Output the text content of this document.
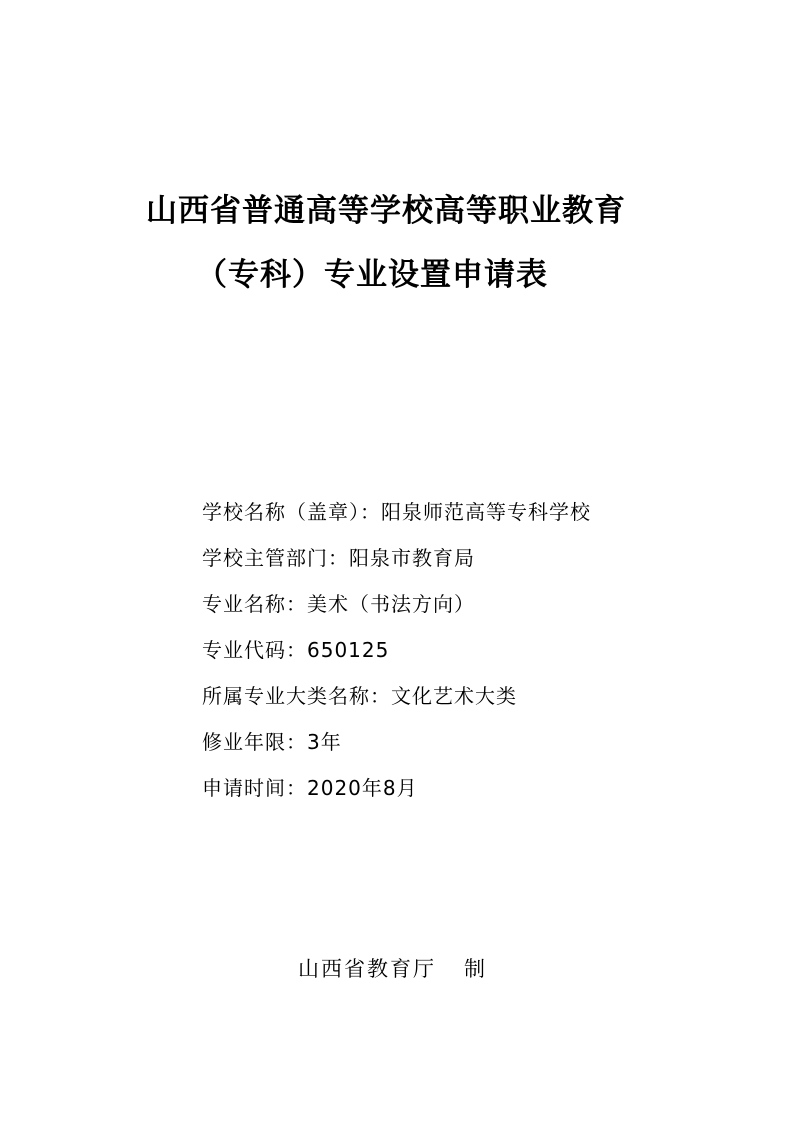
山西省普通高等学校高等职业教育
（专科）专业设置申请表
学校名称（盖章）：阳泉师范高等专科学校
学校主管部门：阳泉市教育局
专业名称：美术（书法方向）
专业代码：650125
所属专业大类名称：文化艺术大类
修业年限：3年
申请时间：2020年8月
山西省教育厅 制
